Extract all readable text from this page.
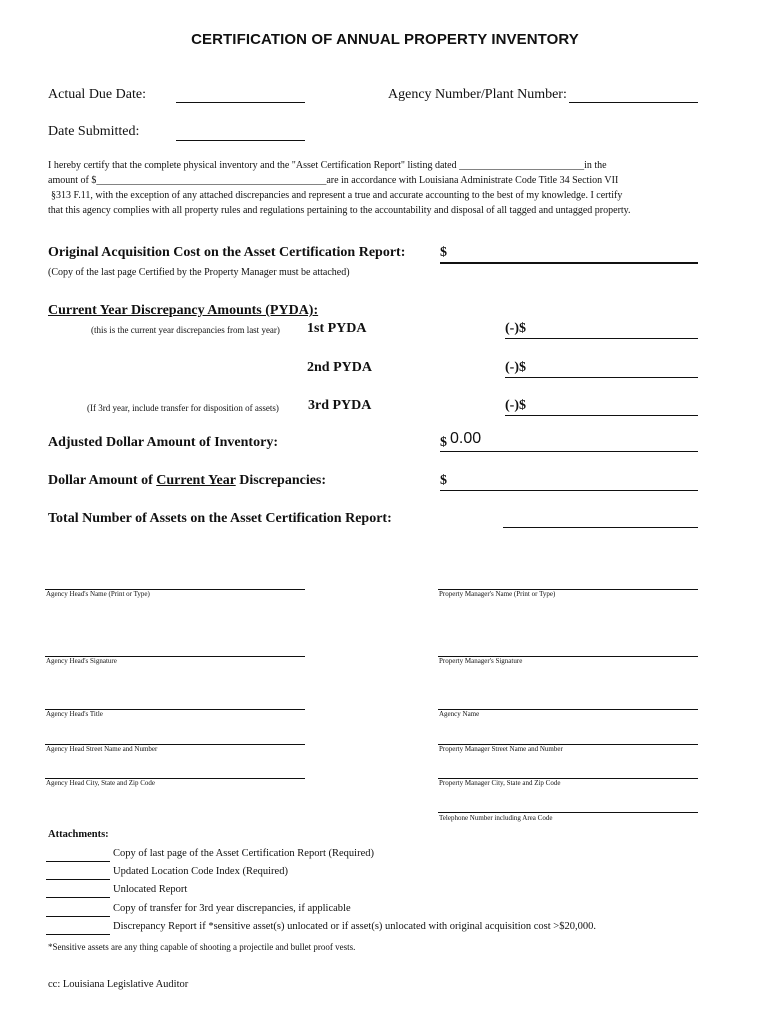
CERTIFICATION OF ANNUAL PROPERTY INVENTORY
Actual Due Date:	Agency Number/Plant Number:
Date Submitted:
I hereby certify that the complete physical inventory and the "Asset Certification Report" listing dated _________________________in the
amount of $______________________________________________are in accordance with Louisiana Administrate Code Title 34 Section VII
§313 F.11, with the exception of any attached discrepancies and represent a true and accurate accounting to the best of my knowledge. I certify
that this agency complies with all property rules and regulations pertaining to the accountability and disposal of all tagged and untagged property.
Original Acquisition Cost on the Asset Certification Report: $
(Copy of the last page Certified by the Property Manager must be attached)
Current Year Discrepancy Amounts (PYDA):
(this is the current year discrepancies from last year) 1st PYDA	(-)$
2nd PYDA	(-)$
(If 3rd year, include transfer for disposition of assets) 3rd PYDA	(-)$
Adjusted Dollar Amount of Inventory:	$ 0.00
Dollar Amount of Current Year Discrepancies:	$
Total Number of Assets on the Asset Certification Report:
Agency Head's Name (Print or Type)
Agency Head's Signature
Agency Head's Title
Agency Head Street Name and Number
Agency Head City, State and Zip Code
Property Manager's Name (Print or Type)
Property Manager's Signature
Agency Name
Property Manager Street Name and Number
Property Manager City, State and Zip Code
Telephone Number including Area Code
Attachments:
Copy of last page of the Asset Certification Report (Required)
Updated Location Code Index (Required)
Unlocated Report
Copy of transfer for 3rd year discrepancies, if applicable
Discrepancy Report if *sensitive asset(s) unlocated or if asset(s) unlocated with original acquisition cost >$20,000.
*Sensitive assets are any thing capable of shooting a projectile and bullet proof vests.
cc: Louisiana Legislative Auditor
